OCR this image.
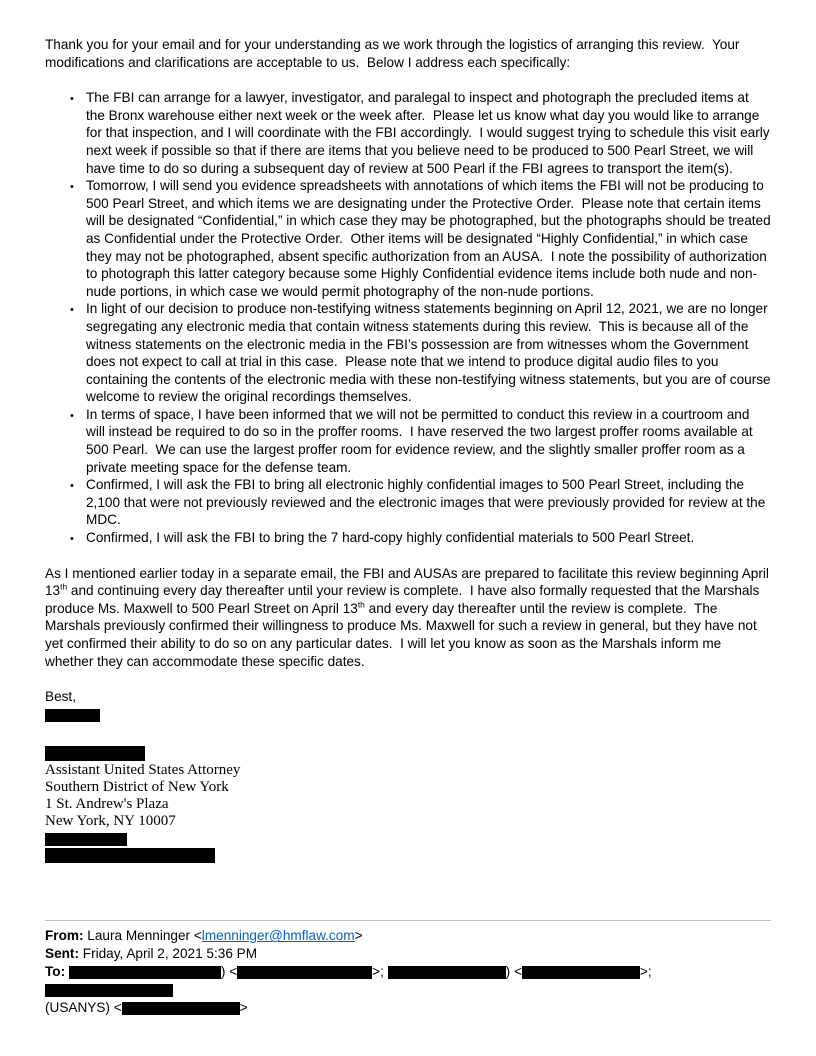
Thank you for your email and for your understanding as we work through the logistics of arranging this review.  Your modifications and clarifications are acceptable to us.  Below I address each specifically:

• The FBI can arrange for a lawyer, investigator, and paralegal to inspect and photograph the precluded items at the Bronx warehouse either next week or the week after.  Please let us know what day you would like to arrange for that inspection, and I will coordinate with the FBI accordingly.  I would suggest trying to schedule this visit early next week if possible so that if there are items that you believe need to be produced to 500 Pearl Street, we will have time to do so during a subsequent day of review at 500 Pearl if the FBI agrees to transport the item(s).
• Tomorrow, I will send you evidence spreadsheets with annotations of which items the FBI will not be producing to 500 Pearl Street, and which items we are designating under the Protective Order.  Please note that certain items will be designated “Confidential,” in which case they may be photographed, but the photographs should be treated as Confidential under the Protective Order.  Other items will be designated “Highly Confidential,” in which case they may not be photographed, absent specific authorization from an AUSA.  I note the possibility of authorization to photograph this latter category because some Highly Confidential evidence items include both nude and non-nude portions, in which case we would permit photography of the non-nude portions.
• In light of our decision to produce non-testifying witness statements beginning on April 12, 2021, we are no longer segregating any electronic media that contain witness statements during this review.  This is because all of the witness statements on the electronic media in the FBI’s possession are from witnesses whom the Government does not expect to call at trial in this case.  Please note that we intend to produce digital audio files to you containing the contents of the electronic media with these non-testifying witness statements, but you are of course welcome to review the original recordings themselves.
• In terms of space, I have been informed that we will not be permitted to conduct this review in a courtroom and will instead be required to do so in the proffer rooms.  I have reserved the two largest proffer rooms available at 500 Pearl.  We can use the largest proffer room for evidence review, and the slightly smaller proffer room as a private meeting space for the defense team.
• Confirmed, I will ask the FBI to bring all electronic highly confidential images to 500 Pearl Street, including the 2,100 that were not previously reviewed and the electronic images that were previously provided for review at the MDC.
• Confirmed, I will ask the FBI to bring the 7 hard-copy highly confidential materials to 500 Pearl Street.

As I mentioned earlier today in a separate email, the FBI and AUSAs are prepared to facilitate this review beginning April 13th and continuing every day thereafter until your review is complete.  I have also formally requested that the Marshals produce Ms. Maxwell to 500 Pearl Street on April 13th and every day thereafter until the review is complete.  The Marshals previously confirmed their willingness to produce Ms. Maxwell for such a review in general, but they have not yet confirmed their ability to do so on any particular dates.  I will let you know as soon as the Marshals inform me whether they can accommodate these specific dates.

Best,

Assistant United States Attorney
Southern District of New York
1 St. Andrew's Plaza
New York, NY 10007
From: Laura Menninger <lmenninger@hmflaw.com>
Sent: Friday, April 2, 2021 5:36 PM
To:	) <	>;	) <	>;
(USANYS) <	>
